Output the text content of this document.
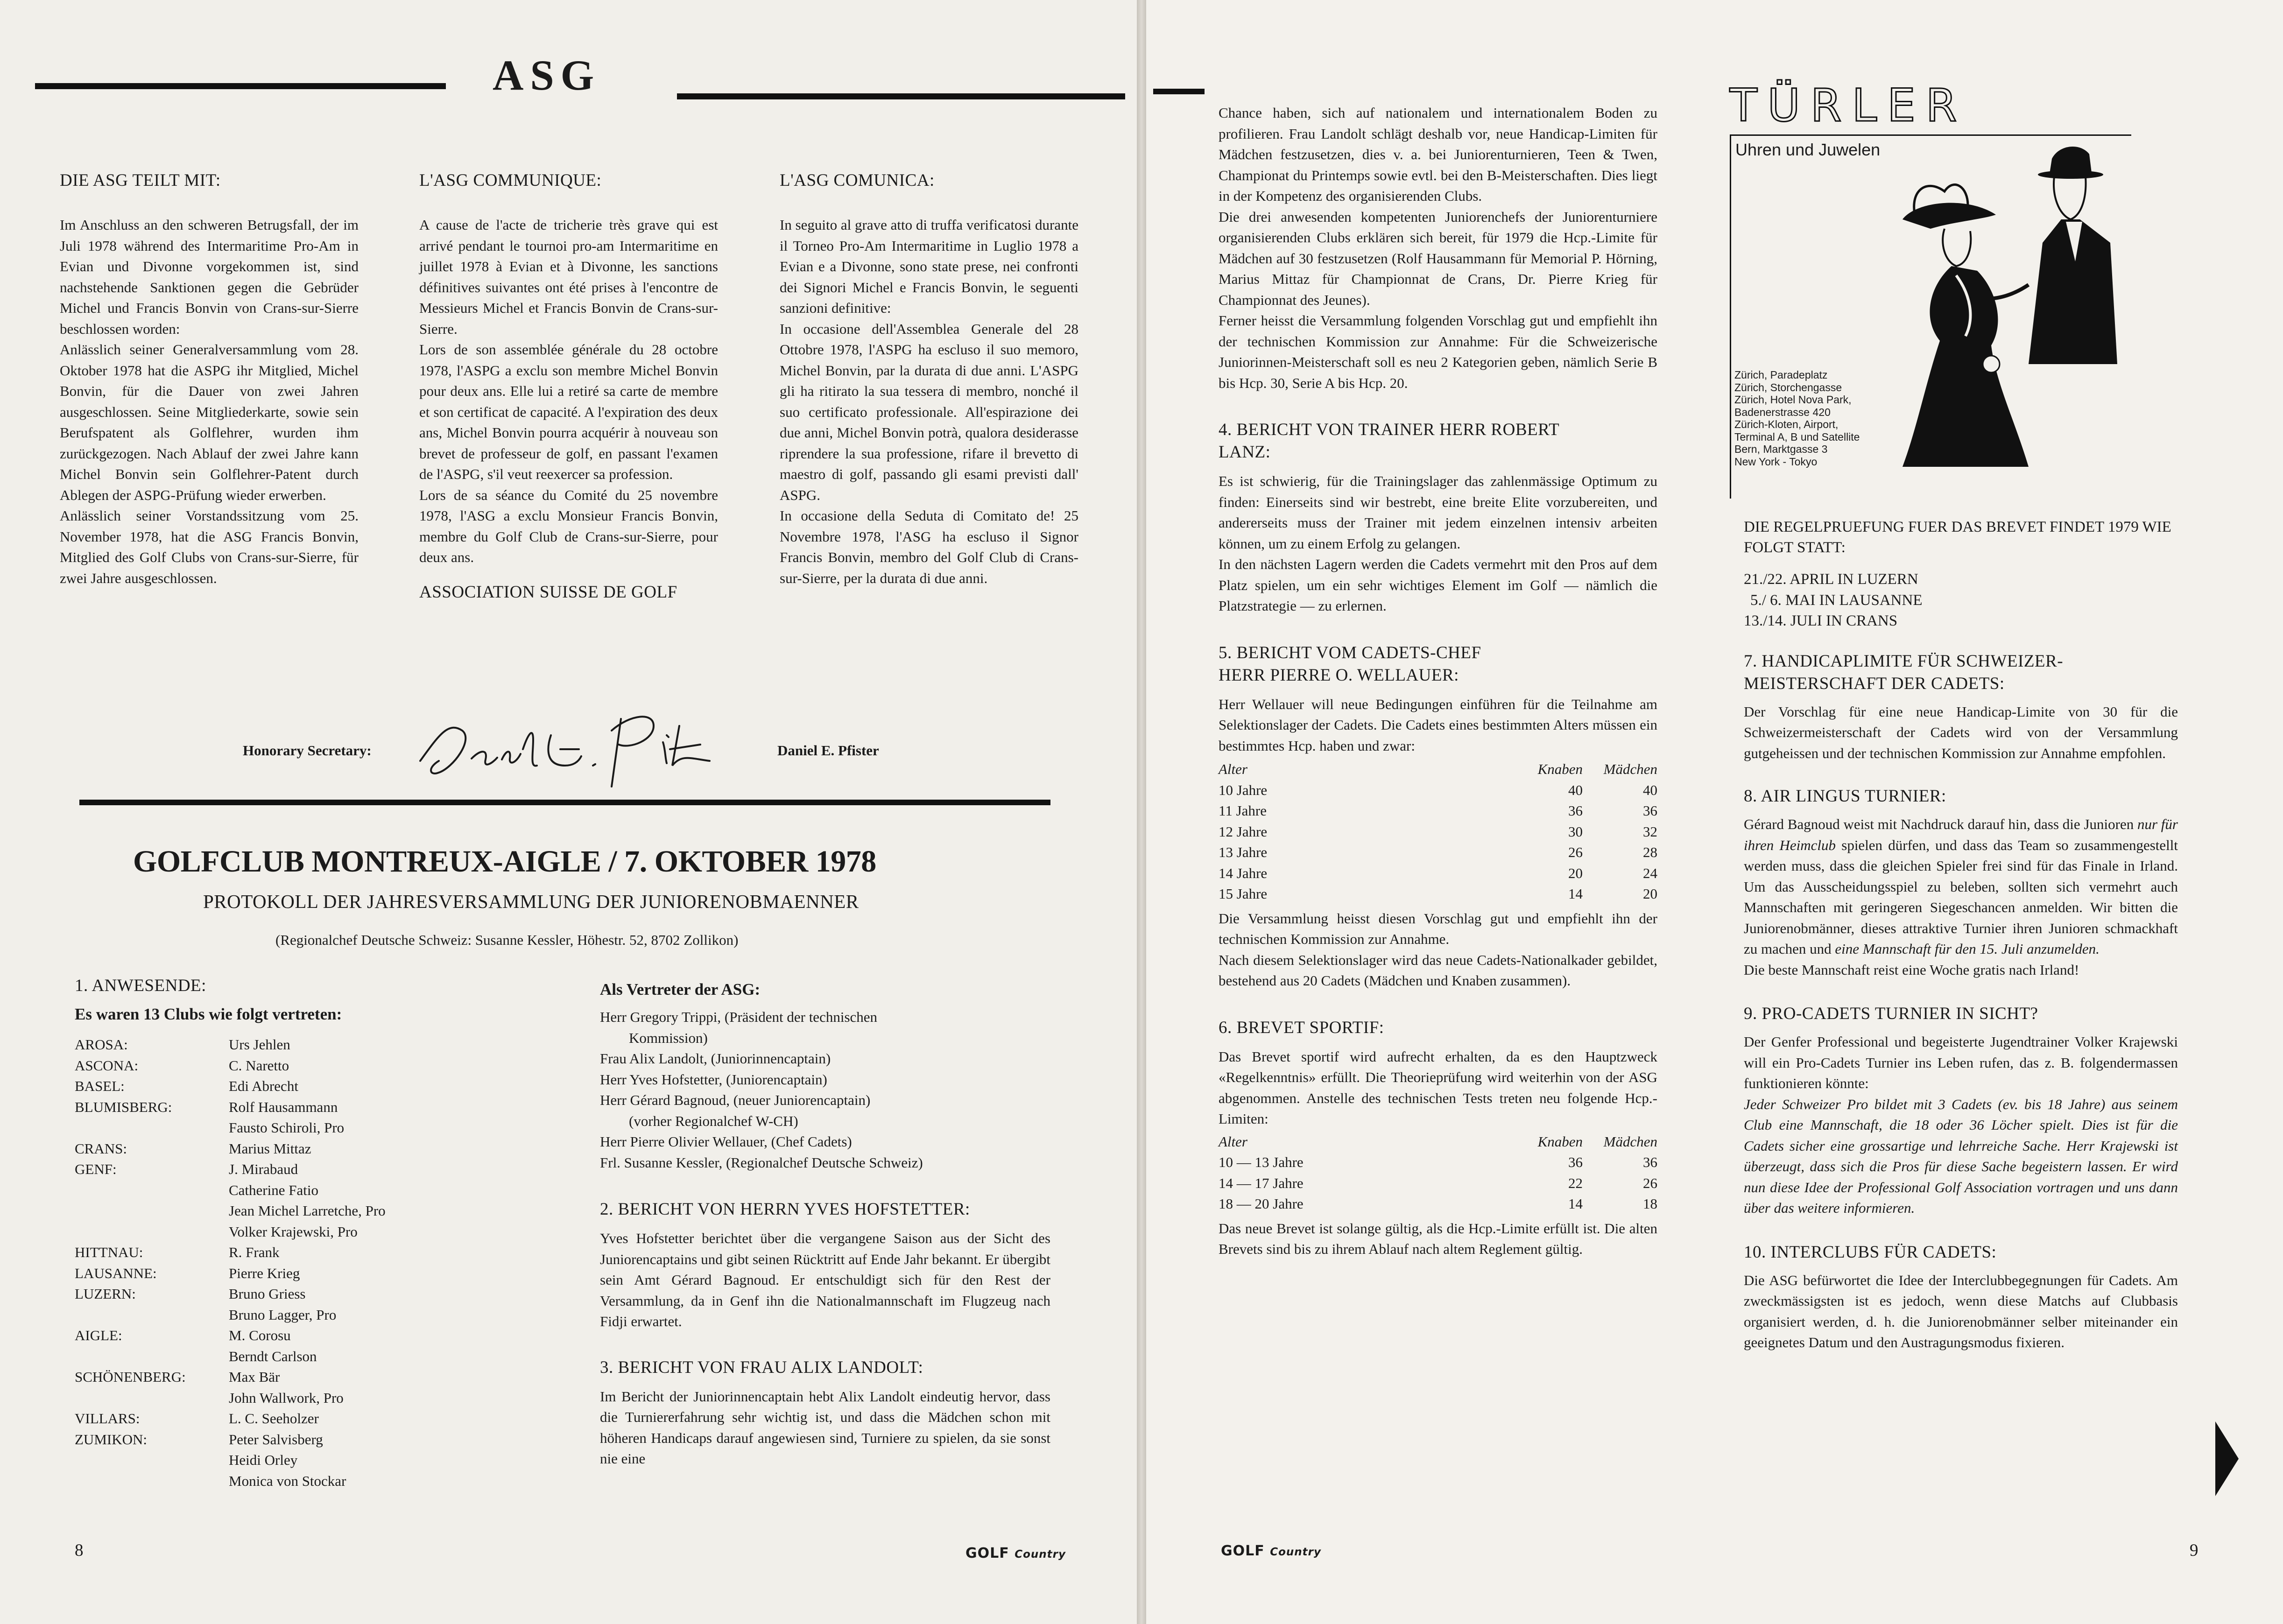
ASG
DIE ASG TEILT MIT:

Im Anschluss an den schweren Betrugsfall, der im Juli 1978 während des Intermaritime Pro-Am in Evian und Divonne vorgekommen ist, sind nachstehende Sanktionen gegen die Gebrüder Michel und Francis Bonvin von Crans-sur-Sierre beschlossen worden:

Anlässlich seiner Generalversammlung vom 28. Oktober 1978 hat die ASPG ihr Mitglied, Michel Bonvin, für die Dauer von zwei Jahren ausgeschlossen. Seine Mitgliederkarte, sowie sein Berufspatent als Golflehrer, wurden ihm zurückgezogen. Nach Ablauf der zwei Jahre kann Michel Bonvin sein Golflehrer-Patent durch Ablegen der ASPG-Prüfung wieder erwerben.

Anlässlich seiner Vorstandssitzung vom 25. November 1978, hat die ASG Francis Bonvin, Mitglied des Golf Clubs von Crans-sur-Sierre, für zwei Jahre ausgeschlossen.

L'ASG COMMUNIQUE:

A cause de l'acte de tricherie très grave qui est arrivé pendant le tournoi pro-am Intermaritime en juillet 1978 à Evian et à Divonne, les sanctions définitives suivantes ont été prises à l'encontre de Messieurs Michel et Francis Bonvin de Crans-sur-Sierre.

Lors de son assemblée générale du 28 octobre 1978, l'ASPG a exclu son membre Michel Bonvin pour deux ans. Elle lui a retiré sa carte de membre et son certificat de capacité. A l'expiration des deux ans, Michel Bonvin pourra acquérir à nouveau son brevet de professeur de golf, en passant l'examen de l'ASPG, s'il veut reexercer sa profession.

Lors de sa séance du Comité du 25 novembre 1978, l'ASG a exclu Monsieur Francis Bonvin, membre du Golf Club de Crans-sur-Sierre, pour deux ans.

ASSOCIATION SUISSE DE GOLF
L'ASG COMUNICA:

In seguito al grave atto di truffa verificatosi durante il Torneo Pro-Am Intermaritime in Luglio 1978 a Evian e a Divonne, sono state prese, nei confronti dei Signori Michel e Francis Bonvin, le seguenti sanzioni definitive:

In occasione dell'Assemblea Generale del 28 Ottobre 1978, l'ASPG ha escluso il suo memoro, Michel Bonvin, par la durata di due anni. L'ASPG gli ha ritirato la sua tessera di membro, nonché il suo certificato professionale. All'espirazione dei due anni, Michel Bonvin potrà, qualora desiderasse riprendere la sua professione, rifare il brevetto di maestro di golf, passando gli esami previsti dall' ASPG.

In occasione della Seduta di Comitato de! 25 Novembre 1978, l'ASG ha escluso il Signor Francis Bonvin, membro del Golf Club di Crans-sur-Sierre, per la durata di due anni.

Honorary Secretary:	Daniel E. Pfister
GOLFCLUB MONTREUX-AIGLE / 7. OKTOBER 1978
PROTOKOLL DER JAHRESVERSAMMLUNG DER JUNIORENOBMAENNER
(Regionalchef Deutsche Schweiz: Susanne Kessler, Höhestr. 52, 8702 Zollikon)
1. ANWESENDE:
Es waren 13 Clubs wie folgt vertreten:
AROSA:	Urs Jehlen
ASCONA:	C. Naretto
BASEL:	Edi Abrecht
BLUMISBERG:	Rolf Hausammann
	Fausto Schiroli, Pro
CRANS:	Marius Mittaz
GENF:	J. Mirabaud
	Catherine Fatio
	Jean Michel Larretche, Pro
	Volker Krajewski, Pro
HITTNAU:	R. Frank
LAUSANNE:	Pierre Krieg
LUZERN:	Bruno Griess
	Bruno Lagger, Pro
AIGLE:	M. Corosu
	Berndt Carlson
SCHÖNENBERG:	Max Bär
	John Wallwork, Pro
VILLARS:	L. C. Seeholzer
ZUMIKON:	Peter Salvisberg
	Heidi Orley
	Monica von Stockar
Als Vertreter der ASG:
Herr Gregory Trippi, (Präsident der technischen
Kommission)
Frau Alix Landolt, (Juniorinnencaptain)
Herr Yves Hofstetter, (Juniorencaptain)
Herr Gérard Bagnoud, (neuer Juniorencaptain)
(vorher Regionalchef W-CH)
Herr Pierre Olivier Wellauer, (Chef Cadets)
Frl. Susanne Kessler, (Regionalchef Deutsche Schweiz)
2. BERICHT VON HERRN YVES HOFSTETTER:
Yves Hofstetter berichtet über die vergangene Saison aus der Sicht des Juniorencaptains und gibt seinen Rücktritt auf Ende Jahr bekannt. Er übergibt sein Amt Gérard Bagnoud. Er entschuldigt sich für den Rest der Versammlung, da in Genf ihn die Nationalmannschaft im Flugzeug nach Fidji erwartet.
3. BERICHT VON FRAU ALIX LANDOLT:
Im Bericht der Juniorinnencaptain hebt Alix Landolt eindeutig hervor, dass die Turniererfahrung sehr wichtig ist, und dass die Mädchen schon mit höheren Handicaps darauf angewiesen sind, Turniere zu spielen, da sie sonst nie eine
8	GOLF Country

Chance haben, sich auf nationalem und internationalem Boden zu profilieren. Frau Landolt schlägt deshalb vor, neue Handicap-Limiten für Mädchen festzusetzen, dies v. a. bei Juniorenturnieren, Teen & Twen, Championat du Printemps sowie evtl. bei den B-Meisterschaften. Dies liegt in der Kompetenz des organisierenden Clubs.

Die drei anwesenden kompetenten Juniorenchefs der Juniorenturniere organisierenden Clubs erklären sich bereit, für 1979 die Hcp.-Limite für Mädchen auf 30 festzusetzen (Rolf Hausammann für Memorial P. Hörning, Marius Mittaz für Championnat de Crans, Dr. Pierre Krieg für Championnat des Jeunes).

Ferner heisst die Versammlung folgenden Vorschlag gut und empfiehlt ihn der technischen Kommission zur Annahme: Für die Schweizerische Juniorinnen-Meisterschaft soll es neu 2 Kategorien geben, nämlich Serie B bis Hcp. 30, Serie A bis Hcp. 20.

4. BERICHT VON TRAINER HERR ROBERT
LANZ:

Es ist schwierig, für die Trainingslager das zahlenmässige Optimum zu finden: Einerseits sind wir bestrebt, eine breite Elite vorzubereiten, und andererseits muss der Trainer mit jedem einzelnen intensiv arbeiten können, um zu einem Erfolg zu gelangen.

In den nächsten Lagern werden die Cadets vermehrt mit den Pros auf dem Platz spielen, um ein sehr wichtiges Element im Golf — nämlich die Platzstrategie — zu erlernen.

5. BERICHT VOM CADETS-CHEF
HERR PIERRE O. WELLAUER:
Herr Wellauer will neue Bedingungen einführen für die Teilnahme am Selektionslager der Cadets. Die Cadets eines bestimmten Alters müssen ein bestimmtes Hcp. haben und zwar:
Alter	Knaben	Mädchen
10 Jahre	40	40
11 Jahre	36	36
12 Jahre	30	32
13 Jahre	26	28
14 Jahre	20	24
15 Jahre	14	20

Die Versammlung heisst diesen Vorschlag gut und empfiehlt ihn der technischen Kommission zur Annahme.

Nach diesem Selektionslager wird das neue Cadets-Nationalkader gebildet, bestehend aus 20 Cadets (Mädchen und Knaben zusammen).

6. BREVET SPORTIF:
Das Brevet sportif wird aufrecht erhalten, da es den Hauptzweck «Regelkenntnis» erfüllt. Die Theorieprüfung wird weiterhin von der ASG abgenommen. Anstelle des technischen Tests treten neu folgende Hcp.-Limiten:
Alter	Knaben	Mädchen
10 — 13 Jahre	36	36
14 — 17 Jahre	22	26
18 — 20 Jahre	14	18
Das neue Brevet ist solange gültig, als die Hcp.-Limite erfüllt ist. Die alten Brevets sind bis zu ihrem Ablauf nach altem Reglement gültig.
TÜRLER
Uhren und Juwelen
Zürich, Paradeplatz
Zürich, Storchengasse
Zürich, Hotel Nova Park,
Badenerstrasse 420
Zürich-Kloten, Airport,
Terminal A, B und Satellite
Bern, Marktgasse 3
New York - Tokyo
DIE REGELPRUEFUNG FUER DAS BREVET FINDET 1979 WIE FOLGT STATT:
21./22. APRIL IN LUZERN
5./ 6. MAI IN LAUSANNE
13./14. JULI IN CRANS
7. HANDICAPLIMITE FÜR SCHWEIZER-
MEISTERSCHAFT DER CADETS:
Der Vorschlag für eine neue Handicap-Limite von 30 für die Schweizermeisterschaft der Cadets wird von der Versammlung gutgeheissen und der technischen Kommission zur Annahme empfohlen.
8. AIR LINGUS TURNIER:

Gérard Bagnoud weist mit Nachdruck darauf hin, dass die Junioren nur für ihren Heimclub spielen dürfen, und dass das Team so zusammengestellt werden muss, dass die gleichen Spieler frei sind für das Finale in Irland. Um das Ausscheidungsspiel zu beleben, sollten sich vermehrt auch Mannschaften mit geringeren Siegeschancen anmelden. Wir bitten die Juniorenobmänner, dieses attraktive Turnier ihren Junioren schmackhaft zu machen und eine Mannschaft für den 15. Juli anzumelden.

Die beste Mannschaft reist eine Woche gratis nach Irland!

9. PRO-CADETS TURNIER IN SICHT?

Der Genfer Professional und begeisterte Jugendtrainer Volker Krajewski will ein Pro-Cadets Turnier ins Leben rufen, das z. B. folgendermassen funktionieren könnte:

Jeder Schweizer Pro bildet mit 3 Cadets (ev. bis 18 Jahre) aus seinem Club eine Mannschaft, die 18 oder 36 Löcher spielt. Dies ist für die Cadets sicher eine grossartige und lehrreiche Sache. Herr Krajewski ist überzeugt, dass sich die Pros für diese Sache begeistern lassen. Er wird nun diese Idee der Professional Golf Association vortragen und uns dann über das weitere informieren.

10. INTERCLUBS FÜR CADETS:
Die ASG befürwortet die Idee der Interclubbegegnungen für Cadets. Am zweckmässigsten ist es jedoch, wenn diese Matchs auf Clubbasis organisiert werden, d. h. die Juniorenobmänner selber miteinander ein geeignetes Datum und den Austragungsmodus fixieren.
GOLF Country	9
